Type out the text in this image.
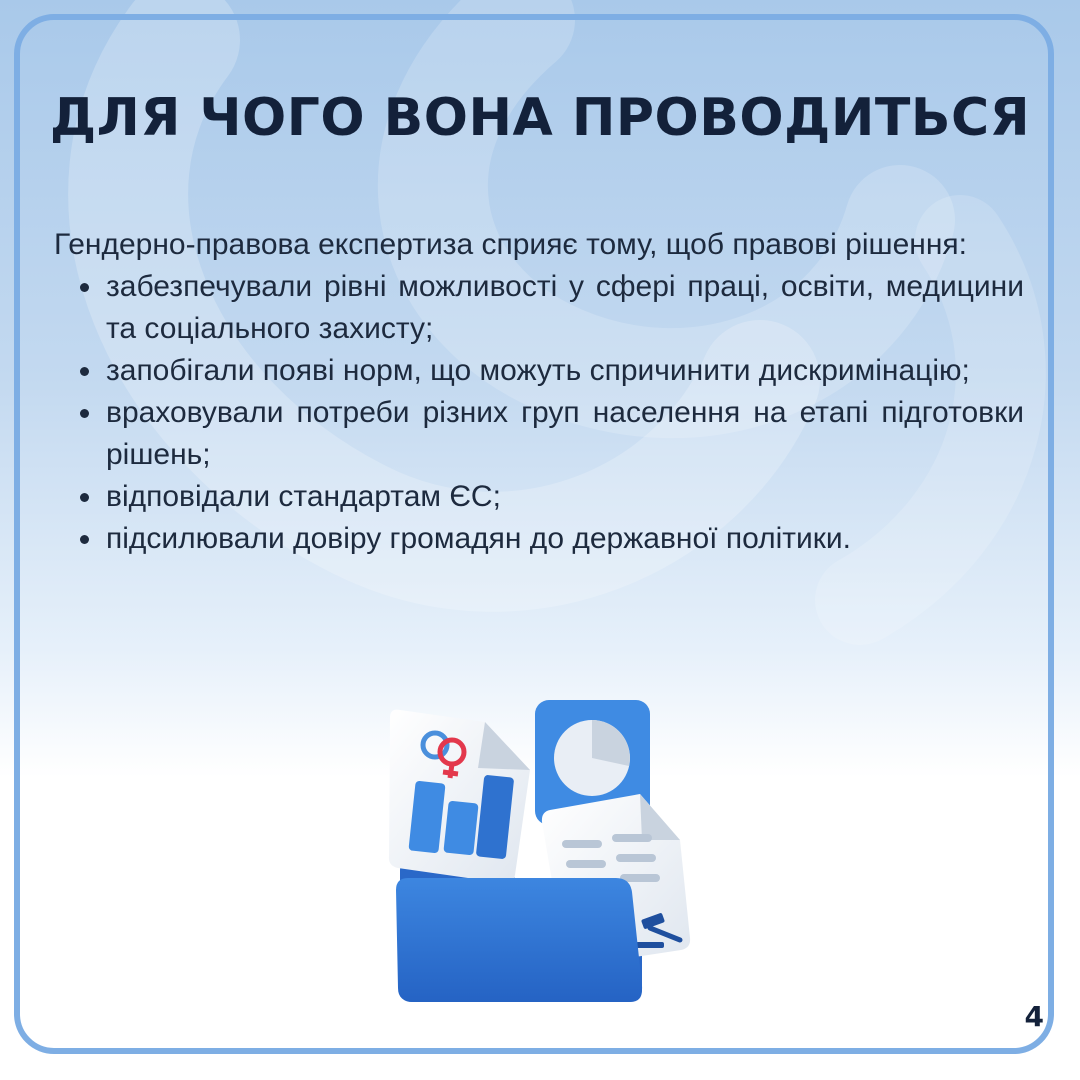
ДЛЯ ЧОГО ВОНА ПРОВОДИТЬСЯ

Гендерно-правова експертиза сприяє тому, щоб правові рішення:

забезпечували рівні можливості у сфері праці, освіти, медицини та соціального захисту;
запобігали появі норм, що можуть спричинити дискримінацію;
враховували потреби різних груп населення на етапі підготовки рішень;
відповідали стандартам ЄС;
підсилювали довіру громадян до державної політики.
4
